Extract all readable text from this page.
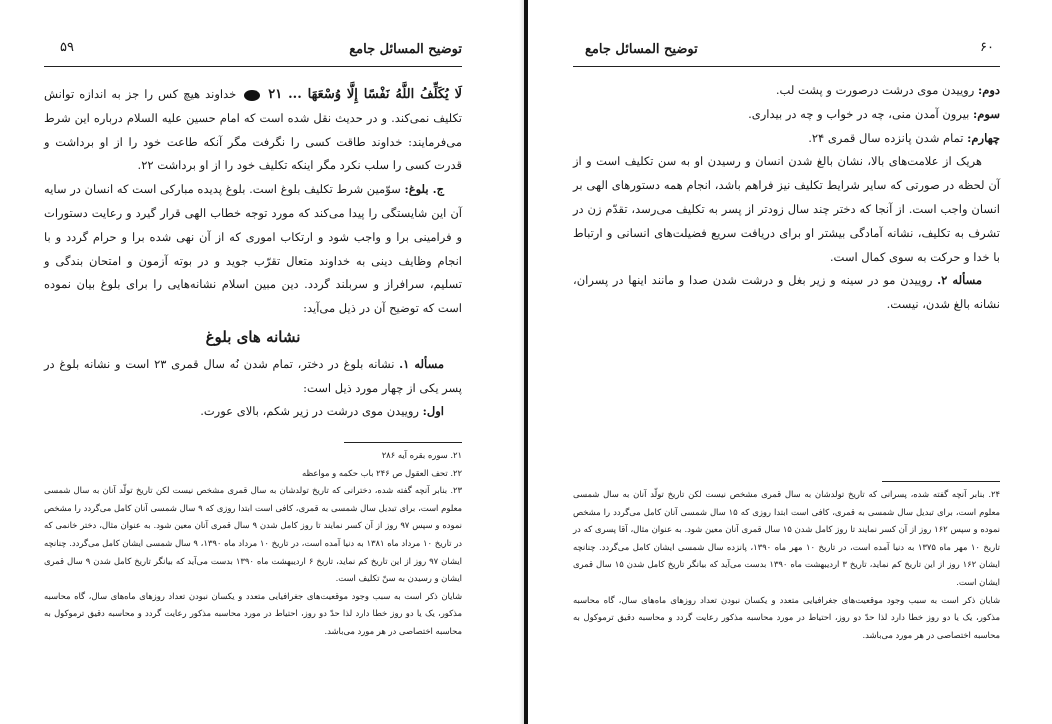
توضیح المسائل جامع
۵۹

لَا یُکَلِّفُ اللَّهُ نَفْسًا إِلَّا وُسْعَهَا ... ۲۱  خداوند هیچ کس را جز به اندازه توانش تکلیف نمی‌کند. و در حدیث نقل شده است که امام حسین علیه السلام درباره این شرط می‌فرمایند: خداوند طاقت کسی را نگرفت مگر آنکه طاعت خود را از او برداشت و قدرت کسی را سلب نکرد مگر اینکه تکلیف خود را از او برداشت ۲۲.

ج. بلوغ: سوّمین شرط تکلیف بلوغ است. بلوغ پدیده مبارکی است که انسان در سایه آن این شایستگی را پیدا می‌کند که مورد توجه خطاب الهی قرار گیرد و رعایت دستورات و فرامینی برا و واجب شود و ارتکاب اموری که از آن نهی شده برا و حرام گردد و با انجام وظایف دینی به خداوند متعال تقرّب جوید و در بوته آزمون و امتحان بندگی و تسلیم، سرافراز و سربلند گردد. دین مبین اسلام نشانه‌هایی را برای بلوغ بیان نموده است که توضیح آن در ذیل می‌آید:

نشانه های بلوغ

مسأله ۱. نشانه بلوغ در دختر، تمام شدن نُه سال قمری ۲۳ است و نشانه بلوغ در پسر یکی از چهار مورد ذیل است:

اول: روییدن موی درشت در زیر شکم، بالای عورت.

۲۱. سوره بقره آیه ۲۸۶

۲۲. تحف العقول ص ۲۴۶ باب حکمه و مواعظه

۲۳. بنابر آنچه گفته شده، دخترانی که تاریخ تولدشان به سال قمری مشخص نیست لکن تاریخ تولّد آنان به سال شمسی معلوم است، برای تبدیل سال شمسی به قمری، کافی است ابتدا روزی که ۹ سال شمسی آنان کامل می‌گردد را مشخص نموده و سپس ۹۷ روز از آن کسر نمایند تا روز کامل شدن ۹ سال قمری آنان معین شود. به عنوان مثال، دختر خانمی که در تاریخ ۱۰ مرداد ماه ۱۳۸۱ به دنیا آمده است، در تاریخ ۱۰ مرداد ماه ۱۳۹۰، ۹ سال شمسی ایشان کامل می‌گردد. چنانچه ایشان ۹۷ روز از این تاریخ کم نماید، تاریخ ۶ اردیبهشت ماه ۱۳۹۰ بدست می‌آید که بیانگر تاریخ کامل شدن ۹ سال قمری ایشان و رسیدن به سنّ تکلیف است.

شایان ذکر است به سبب وجود موقعیت‌های جغرافیایی متعدد و یکسان نبودن تعداد روزهای ماه‌های سال، گاه محاسبه مذکور، یک یا دو روز خطا دارد لذا حدّ دو روز، احتیاط در مورد محاسبه مذکور رعایت گردد و محاسبه دقیق ترموکول به محاسبه اختصاصی در هر مورد می‌باشد.

توضیح المسائل جامع	۶۰

دوم: روییدن موی درشت درصورت و پشت لب.

سوم: بیرون آمدن منی، چه در خواب و چه در بیداری.

چهارم: تمام شدن پانزده سال قمری ۲۴.

هریک از علامت‌های بالا، نشان بالغ شدن انسان و رسیدن او به سن تکلیف است و از آن لحظه در صورتی که سایر شرایط تکلیف نیز فراهم باشد، انجام همه دستورهای الهی بر انسان واجب است. از آنجا که دختر چند سال زودتر از پسر به تکلیف می‌رسد، تقدّم زن در تشرف به تکلیف، نشانه آمادگی بیشتر او برای دریافت سریع فضیلت‌های انسانی و ارتباط با خدا و حرکت به سوی کمال است.

مسأله ۲. روییدن مو در سینه و زیر بغل و درشت شدن صدا و مانند اینها در پسران، نشانه بالغ شدن، نیست.

۲۴. بنابر آنچه گفته شده، پسرانی که تاریخ تولدشان به سال قمری مشخص نیست لکن تاریخ تولّد آنان به سال شمسی معلوم است، برای تبدیل سال شمسی به قمری، کافی است ابتدا روزی که ۱۵ سال شمسی آنان کامل می‌گردد را مشخص نموده و سپس ۱۶۲ روز از آن کسر نمایند تا روز کامل شدن ۱۵ سال قمری آنان معین شود. به عنوان مثال، آقا پسری که در تاریخ ۱۰ مهر ماه ۱۳۷۵ به دنیا آمده است، در تاریخ ۱۰ مهر ماه ۱۳۹۰، پانزده سال شمسی ایشان کامل می‌گردد. چنانچه ایشان ۱۶۲ روز از این تاریخ کم نماید، تاریخ ۳ اردیبهشت ماه ۱۳۹۰ بدست می‌آید که بیانگر تاریخ کامل شدن ۱۵ سال قمری ایشان است.

شایان ذکر است به سبب وجود موقعیت‌های جغرافیایی متعدد و یکسان نبودن تعداد روزهای ماه‌های سال، گاه محاسبه مذکور، یک یا دو روز خطا دارد لذا حدّ دو روز، احتیاط در مورد محاسبه مذکور رعایت گردد و محاسبه دقیق ترموکول به محاسبه اختصاصی در هر مورد می‌باشد.
